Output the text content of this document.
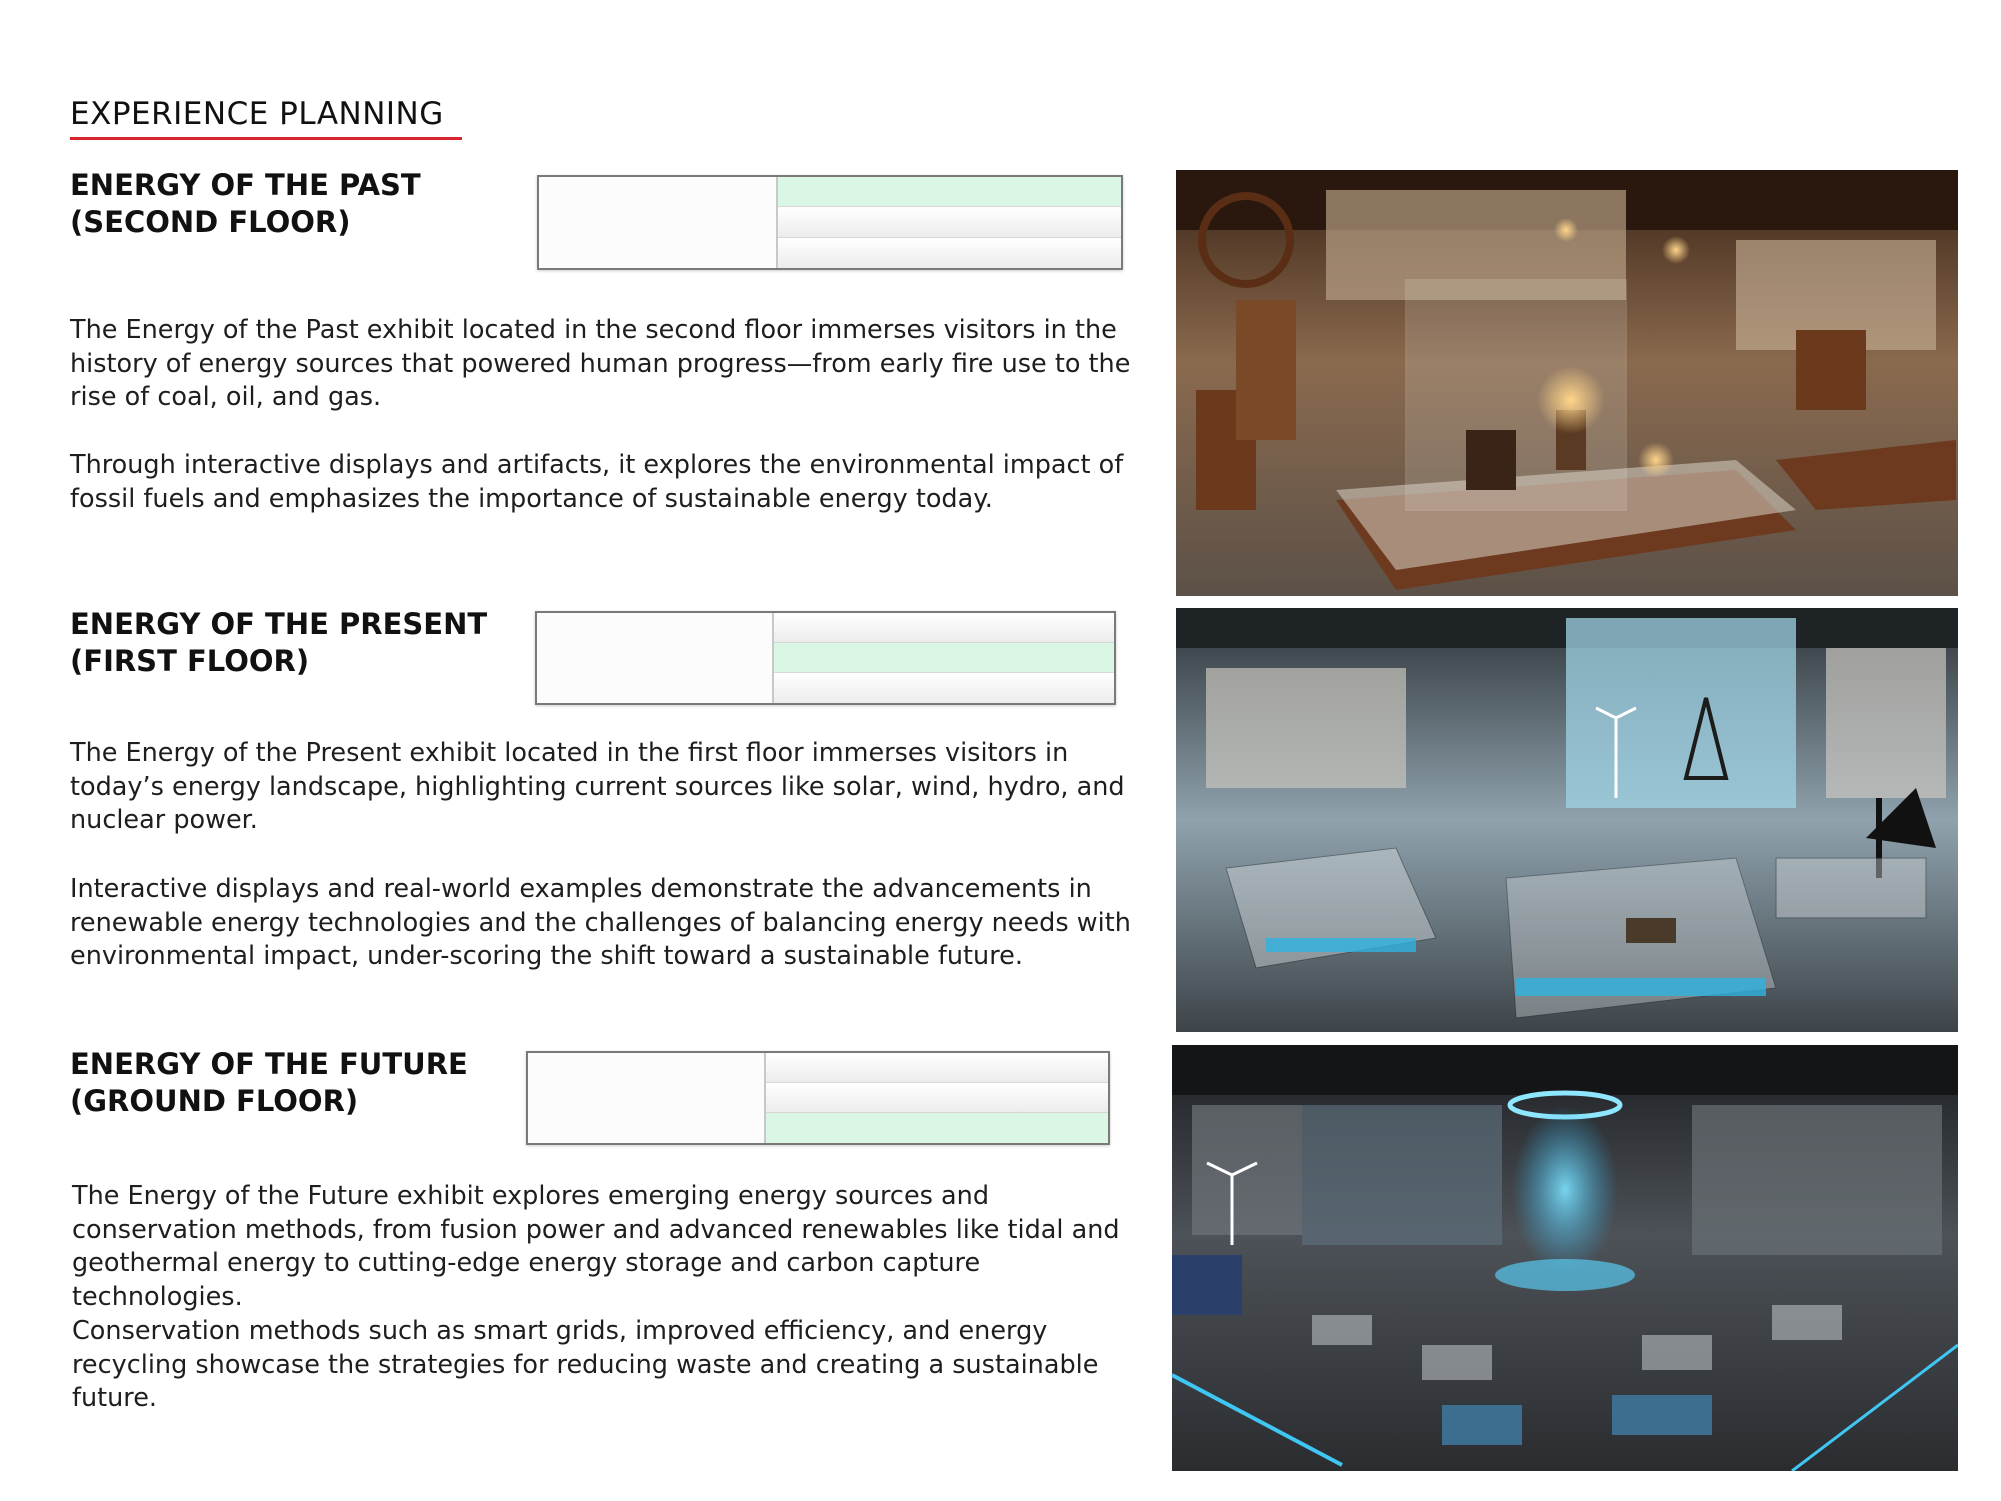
EXPERIENCE PLANNING
ENERGY OF THE PAST
(SECOND FLOOR)

The Energy of the Past exhibit located in the second floor immerses visitors in the history of energy sources that powered human progress—from early fire use to the rise of coal, oil, and gas.

Through interactive displays and artifacts, it explores the environmental impact of fossil fuels and emphasizes the importance of sustainable energy today.

ENERGY OF THE PRESENT
(FIRST FLOOR)

The Energy of the Present exhibit located in the first floor immerses visitors in today’s energy landscape, highlighting current sources like solar, wind, hydro, and nuclear power.

Interactive displays and real-world examples demonstrate the advancements in renewable energy technologies and the challenges of balancing energy needs with environmental impact, under-scoring the shift toward a sustainable future.

ENERGY OF THE FUTURE
(GROUND FLOOR)

The Energy of the Future exhibit explores emerging energy sources and conservation methods, from fusion power and advanced renewables like tidal and geothermal energy to cutting-edge energy storage and carbon capture technologies.

Conservation methods such as smart grids, improved efficiency, and energy recycling showcase the strategies for reducing waste and creating a sustainable future.
